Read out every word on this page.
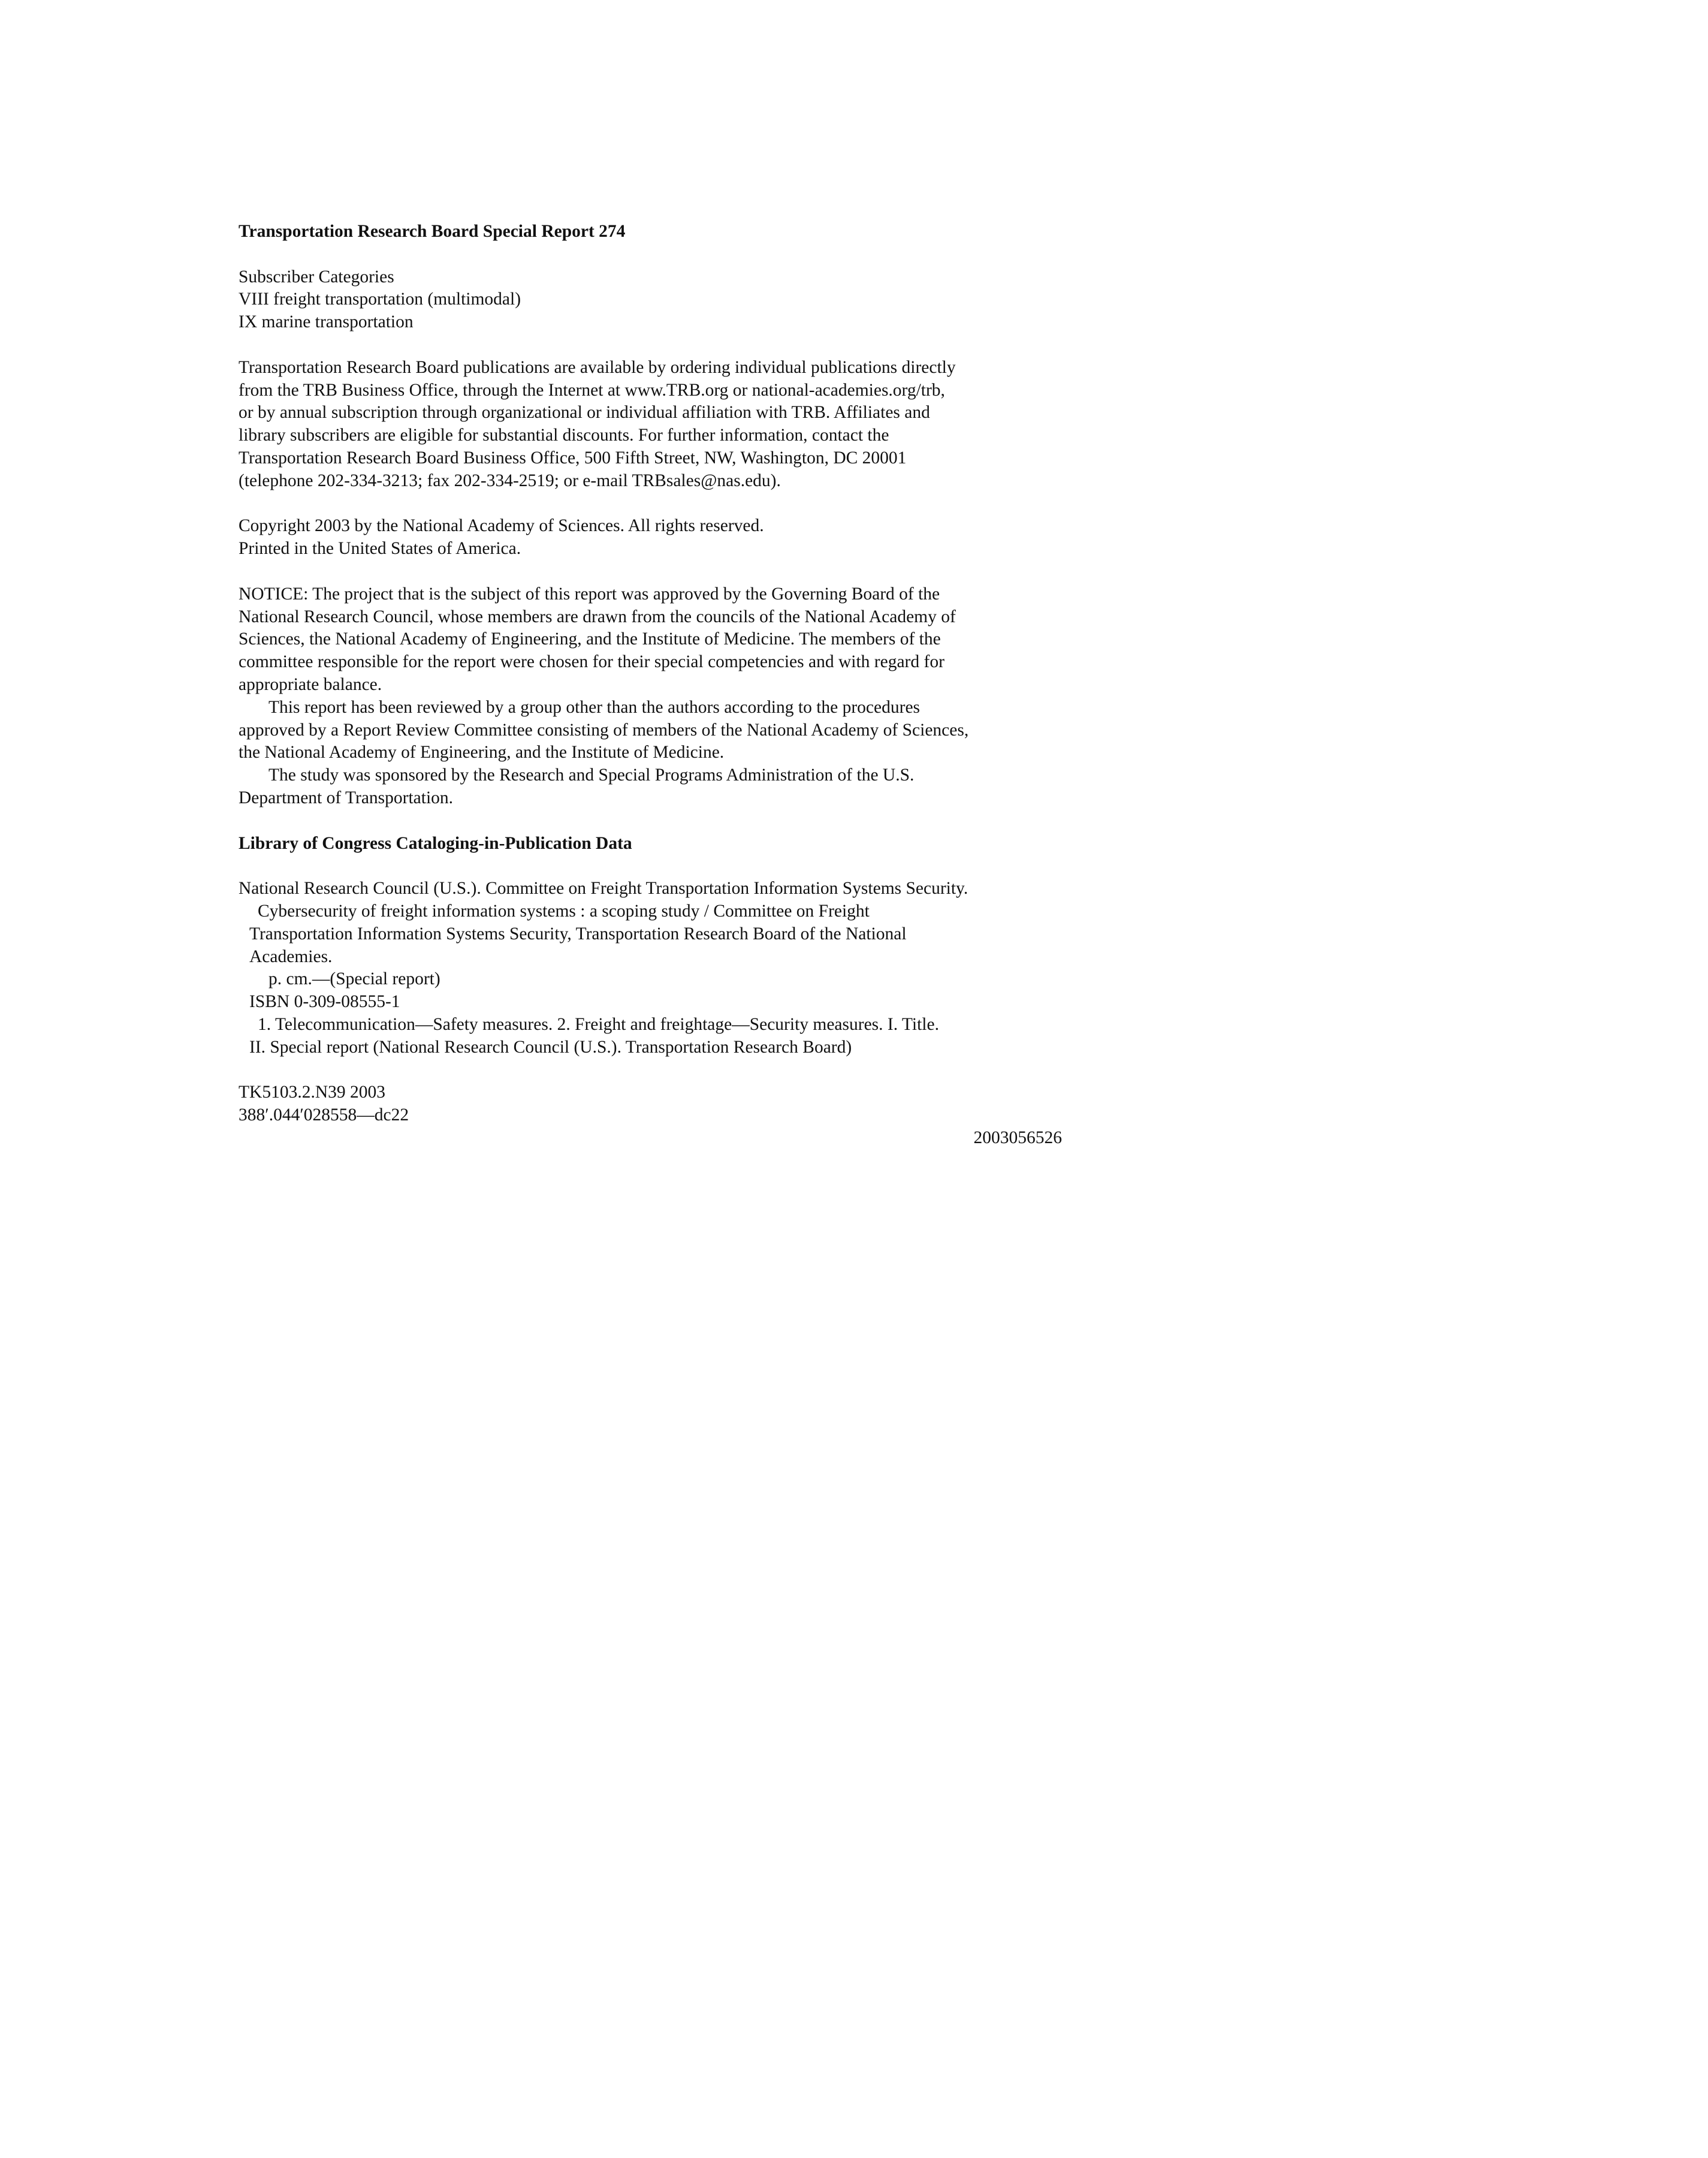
Transportation Research Board Special Report 274
Subscriber Categories
VIII freight transportation (multimodal)
IX marine transportation
Transportation Research Board publications are available by ordering individual publications directly
from the TRB Business Office, through the Internet at www.TRB.org or national-academies.org/trb,
or by annual subscription through organizational or individual affiliation with TRB. Affiliates and
library subscribers are eligible for substantial discounts. For further information, contact the
Transportation Research Board Business Office, 500 Fifth Street, NW, Washington, DC 20001
(telephone 202-334-3213; fax 202-334-2519; or e-mail TRBsales@nas.edu).
Copyright 2003 by the National Academy of Sciences. All rights reserved.
Printed in the United States of America.
NOTICE: The project that is the subject of this report was approved by the Governing Board of the
National Research Council, whose members are drawn from the councils of the National Academy of
Sciences, the National Academy of Engineering, and the Institute of Medicine. The members of the
committee responsible for the report were chosen for their special competencies and with regard for
appropriate balance.
This report has been reviewed by a group other than the authors according to the procedures
approved by a Report Review Committee consisting of members of the National Academy of Sciences,
the National Academy of Engineering, and the Institute of Medicine.
The study was sponsored by the Research and Special Programs Administration of the U.S.
Department of Transportation.
Library of Congress Cataloging-in-Publication Data
National Research Council (U.S.). Committee on Freight Transportation Information Systems Security.
Cybersecurity of freight information systems : a scoping study / Committee on Freight
Transportation Information Systems Security, Transportation Research Board of the National
Academies.
p. cm.—(Special report)
ISBN 0-309-08555-1
1. Telecommunication—Safety measures. 2. Freight and freightage—Security measures. I. Title.
II. Special report (National Research Council (U.S.). Transportation Research Board)
TK5103.2.N39 2003
388′.044′028558—dc22
2003056526
